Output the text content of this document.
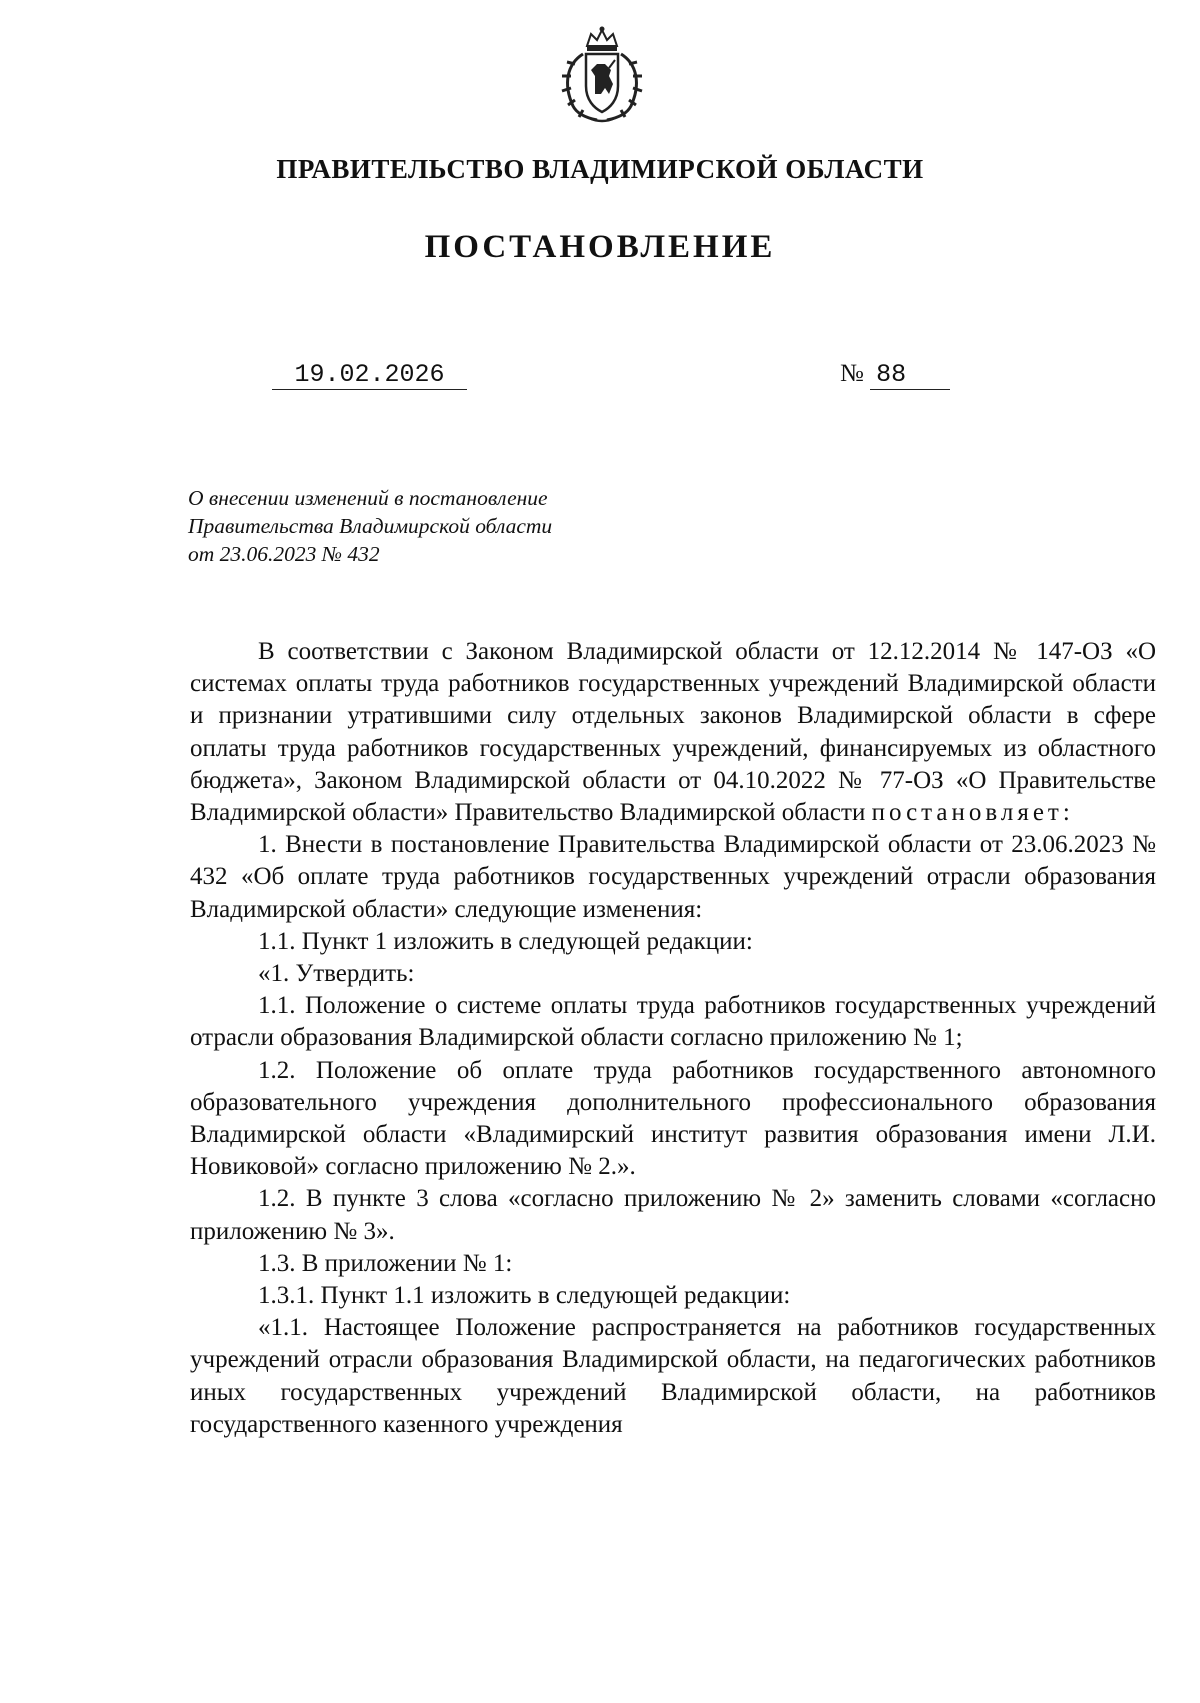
ПРАВИТЕЛЬСТВО ВЛАДИМИРСКОЙ ОБЛАСТИ
ПОСТАНОВЛЕНИЕ
19.02.2026	№ 88
О внесении изменений в постановление
Правительства Владимирской области
от 23.06.2023 № 432

В соответствии с Законом Владимирской области от 12.12.2014 № 147-ОЗ «О системах оплаты труда работников государственных учреждений Владимирской области и признании утратившими силу отдельных законов Владимирской области в сфере оплаты труда работников государственных учреждений, финансируемых из областного бюджета», Законом Владимирской области от 04.10.2022 № 77-ОЗ «О Правительстве Владимирской области» Правительство Владимирской области постановляет:

1. Внести в постановление Правительства Владимирской области от 23.06.2023 № 432 «Об оплате труда работников государственных учреждений отрасли образования Владимирской области» следующие изменения:

1.1. Пункт 1 изложить в следующей редакции:

«1. Утвердить:

1.1. Положение о системе оплаты труда работников государственных учреждений отрасли образования Владимирской области согласно приложению № 1;

1.2. Положение об оплате труда работников государственного автономного образовательного учреждения дополнительного профессионального образования Владимирской области «Владимирский институт развития образования имени Л.И. Новиковой» согласно приложению № 2.».

1.2. В пункте 3 слова «согласно приложению № 2» заменить словами «согласно приложению № 3».

1.3. В приложении № 1:

1.3.1. Пункт 1.1 изложить в следующей редакции:

«1.1. Настоящее Положение распространяется на работников государственных учреждений отрасли образования Владимирской области, на педагогических работников иных государственных учреждений Владимирской области, на работников государственного казенного учреждения
